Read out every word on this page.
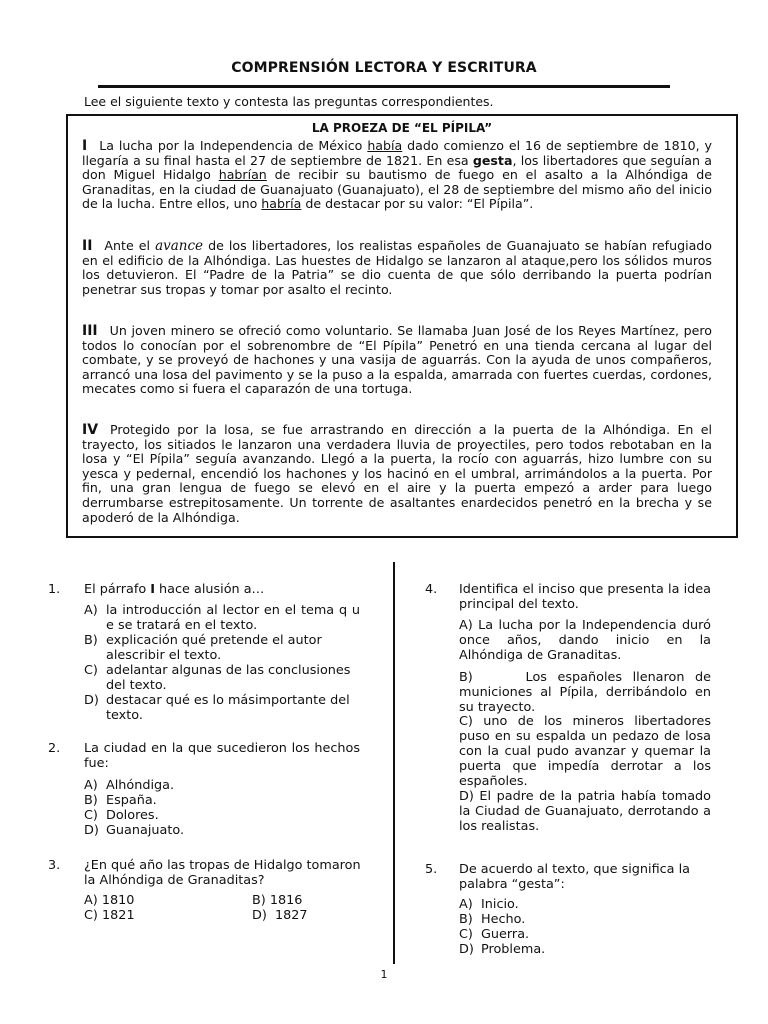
COMPRENSIÓN LECTORA Y ESCRITURA
Lee el siguiente texto y contesta las preguntas correspondientes.
LA PROEZA DE “EL PÍPILA”

I La lucha por la Independencia de México había dado comienzo el 16 de septiembre de 1810, y llegaría a su final hasta el 27 de septiembre de 1821. En esa gesta, los libertadores que seguían a don Miguel Hidalgo habrían de recibir su bautismo de fuego en el asalto a la Alhóndiga de Granaditas, en la ciudad de Guanajuato (Guanajuato), el 28 de septiembre del mismo año del inicio de la lucha. Entre ellos, uno habría de destacar por su valor: “El Pípila”.

II Ante el avance de los libertadores, los realistas españoles de Guanajuato se habían refugiado en el edificio de la Alhóndiga. Las huestes de Hidalgo se lanzaron al ataque,pero los sólidos muros los detuvieron. El “Padre de la Patria” se dio cuenta de que sólo derribando la puerta podrían penetrar sus tropas y tomar por asalto el recinto.

III Un joven minero se ofreció como voluntario. Se llamaba Juan José de los Reyes Martínez, pero todos lo conocían por el sobrenombre de “El Pípila” Penetró en una tienda cercana al lugar del combate, y se proveyó de hachones y una vasija de aguarrás. Con la ayuda de unos compañeros, arrancó una losa del pavimento y se la puso a la espalda, amarrada con fuertes cuerdas, cordones, mecates como si fuera el caparazón de una tortuga.

IV Protegido por la losa, se fue arrastrando en dirección a la puerta de la Alhóndiga. En el trayecto, los sitiados le lanzaron una verdadera lluvia de proyectiles, pero todos rebotaban en la losa y “El Pípila” seguía avanzando. Llegó a la puerta, la rocío con aguarrás, hizo lumbre con su yesca y pedernal, encendió los hachones y los hacinó en el umbral, arrimándolos a la puerta. Por fin, una gran lengua de fuego se elevó en el aire y la puerta empezó a arder para luego derrumbarse estrepitosamente. Un torrente de asaltantes enardecidos penetró en la brecha y se apoderó de la Alhóndiga.

1. El párrafo I hace alusión a…

A) la introducción al lector en el tema q u e se tratará en el texto.

B) explicación qué pretende el autor alescribir el texto.

C) adelantar algunas de las conclusiones del texto.

D) destacar qué es lo másimportante del texto.

2. La ciudad en la que sucedieron los hechos fue:

A) Alhóndiga.

B) España.

C) Dolores.

D) Guanajuato.

3. ¿En qué año las tropas de Hidalgo tomaron la Alhóndiga de Granaditas?

A) 1810	B) 1816
C) 1821	D) 1827
4. Identifica el inciso que presenta la idea principal del texto.

A) La lucha por la Independencia duró once años, dando inicio en la Alhóndiga de Granaditas.

B)	Los españoles llenaron de municiones al Pípila, derribándolo en su trayecto.

C) uno de los mineros libertadores puso en su espalda un pedazo de losa con la cual pudo avanzar y quemar la puerta que impedía derrotar a los españoles.

D) El padre de la patria había tomado la Ciudad de Guanajuato, derrotando a los realistas.

5. De acuerdo al texto, que significa la palabra “gesta”:

A) Inicio.

B) Hecho.

C) Guerra.

D) Problema.

1
